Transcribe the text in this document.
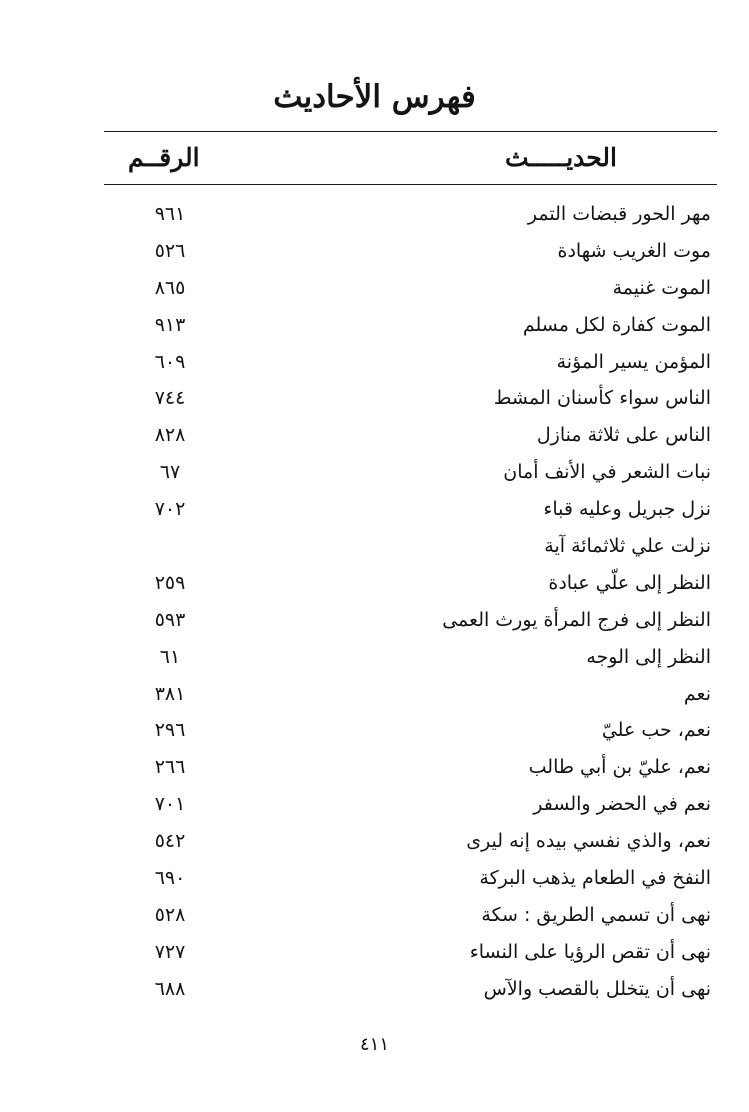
فهرس الأحاديث
الحديـــــث
الرقــم
مهر الحور قبضات التمر
٩٦١
موت الغريب شهادة
٥٢٦
الموت غنيمة
٨٦٥
الموت كفارة لكل مسلم
٩١٣
المؤمن يسير المؤنة
٦٠٩
الناس سواء كأسنان المشط
٧٤٤
الناس على ثلاثة منازل
٨٢٨
نبات الشعر في الأنف أمان
٦٧
نزل جبريل وعليه قباء
٧٠٢
نزلت علي ثلاثمائة آية
النظر إلى علّي عبادة
٢٥٩
النظر إلى فرج المرأة يورث العمى
٥٩٣
النظر إلى الوجه
٦١
نعم
٣٨١
نعم، حب عليّ
٢٩٦
نعم، عليّ بن أبي طالب
٢٦٦
نعم في الحضر والسفر
٧٠١
نعم، والذي نفسي بيده إنه ليرى
٥٤٢
النفخ في الطعام يذهب البركة
٦٩٠
نهى أن تسمي الطريق : سكة
٥٢٨
نهى أن تقص الرؤيا على النساء
٧٢٧
نهى أن يتخلل بالقصب والآس
٦٨٨
٤١١
